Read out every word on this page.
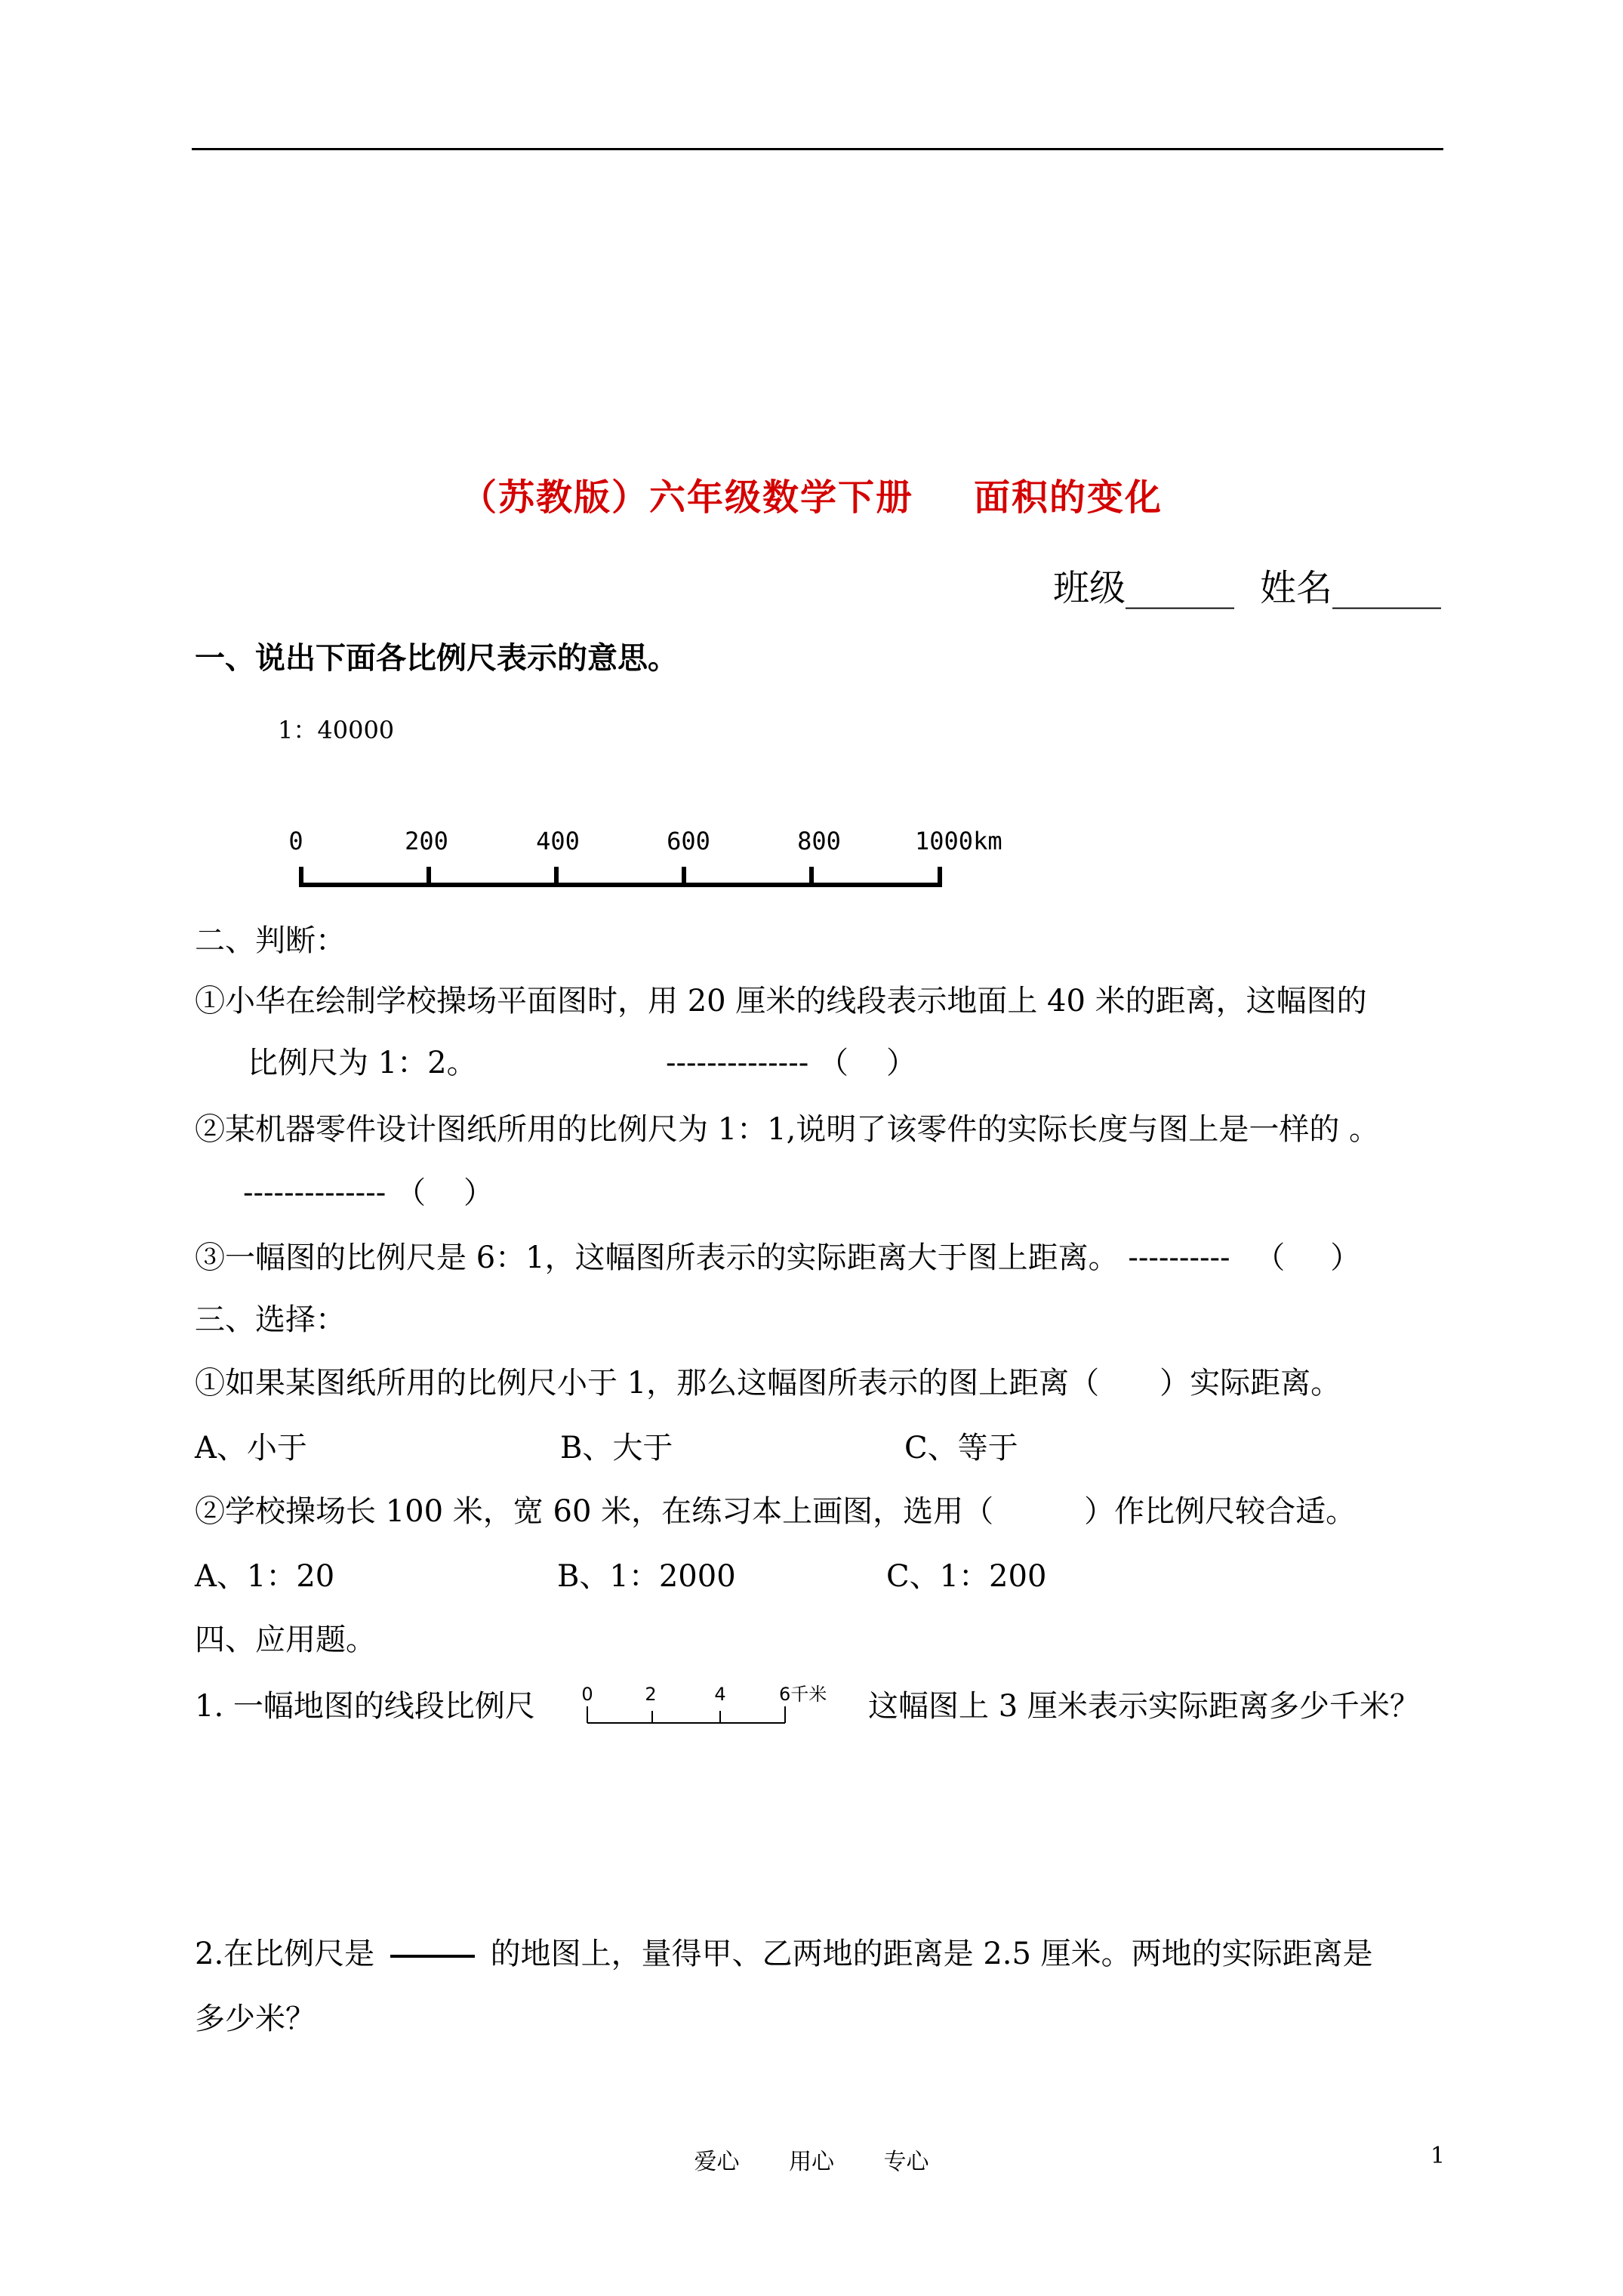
（苏教版）六年级数学下册 面积的变化
班级______ 姓名______
一、说出下面各比例尺表示的意思。
1：40000
0	200	400	600	800	1000km
二、判断：
①小华在绘制学校操场平面图时，用 20 厘米的线段表示地面上 40 米的距离，这幅图的
比例尺为 1：2。	-------------- （ ）
②某机器零件设计图纸所用的比例尺为 1：1,说明了该零件的实际长度与图上是一样的 。
-------------- （ ）
③一幅图的比例尺是 6：1，这幅图所表示的实际距离大于图上距离。 ---------- （ ）
三、选择：
①如果某图纸所用的比例尺小于 1，那么这幅图所表示的图上距离（　　）实际距离。
A、小于	B、大于	C、等于
②学校操场长 100 米，宽 60 米，在练习本上画图，选用（　　　）作比例尺较合适。
A、1：20	B、1：2000	C、1：200
四、应用题。
1. 一幅地图的线段比例尺	0	2	4	6千米 这幅图上 3 厘米表示实际距离多少千米？
2.在比例尺是	的地图上，量得甲、乙两地的距离是 2.5 厘米。两地的实际距离是
多少米？
爱心 用心 专心	1
